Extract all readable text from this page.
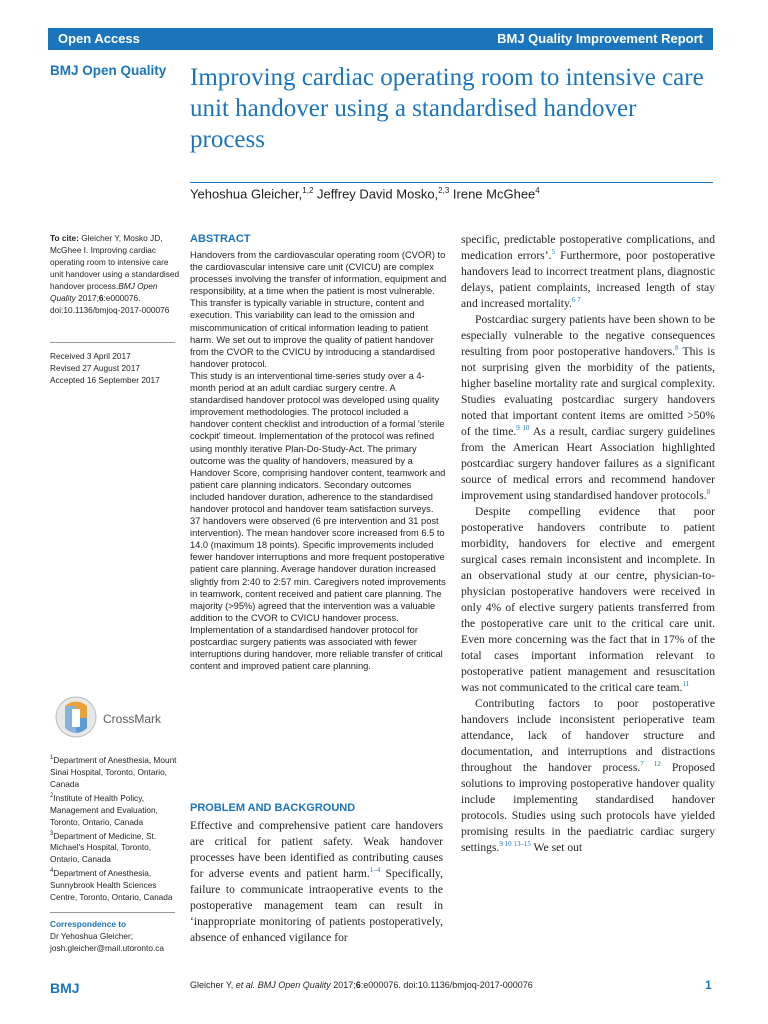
Open Access	BMJ Quality Improvement Report
BMJ Open Quality Improving cardiac operating room to intensive care unit handover using a standardised handover process
Yehoshua Gleicher,$^{1,2}$ Jeffrey David Mosko,$^{2,3}$ Irene McGhee$^4$
To cite: Gleicher Y, Mosko JD, McGhee I. Improving cardiac operating room to intensive care unit handover using a standardised handover process.BMJ Open Quality 2017;6:e000076. doi:10.1136/bmjoq-2017-000076
Received 3 April 2017
Revised 27 August 2017
Accepted 16 September 2017
CrossMark
$^1$Department of Anesthesia, Mount Sinai Hospital, Toronto, Ontario, Canada
$^2$Institute of Health Policy, Management and Evaluation, Toronto, Ontario, Canada
$^3$Department of Medicine, St. Michael's Hospital, Toronto, Ontario, Canada
$^4$Department of Anesthesia, Sunnybrook Health Sciences Centre, Toronto, Ontario, Canada
Correspondence to
Dr Yehoshua Gleicher;
josh.gleicher@mail.utoronto.ca
ABSTRACT
Handovers from the cardiovascular operating room (CVOR) to the cardiovascular intensive care unit (CVICU) are complex processes involving the transfer of information, equipment and responsibility, at a time when the patient is most vulnerable. This transfer is typically variable in structure, content and execution. This variability can lead to the omission and miscommunication of critical information leading to patient harm. We set out to improve the quality of patient handover from the CVOR to the CVICU by introducing a standardised handover protocol.
This study is an interventional time-series study over a 4-month period at an adult cardiac surgery centre. A standardised handover protocol was developed using quality improvement methodologies. The protocol included a handover content checklist and introduction of a formal 'sterile cockpit' timeout. Implementation of the protocol was refined using monthly iterative Plan-Do-Study-Act. The primary outcome was the quality of handovers, measured by a Handover Score, comprising handover content, teamwork and patient care planning indicators. Secondary outcomes included handover duration, adherence to the standardised handover protocol and handover team satisfaction surveys.
37 handovers were observed (6 pre intervention and 31 post intervention). The mean handover score increased from 6.5 to 14.0 (maximum 18 points). Specific improvements included fewer handover interruptions and more frequent postoperative patient care planning. Average handover duration increased slightly from 2:40 to 2:57 min. Caregivers noted improvements in teamwork, content received and patient care planning. The majority (>95%) agreed that the intervention was a valuable addition to the CVOR to CVICU handover process.
Implementation of a standardised handover protocol for postcardiac surgery patients was associated with fewer interruptions during handover, more reliable transfer of critical content and improved patient care planning.
PROBLEM AND BACKGROUND

Effective and comprehensive patient care handovers are critical for patient safety. Weak handover processes have been identified as contributing causes for adverse events and patient harm.$^{1-4}$ Specifically, failure to communicate intraoperative events to the postoperative management team can result in ‘inappropriate monitoring of patients postoperatively, absence of enhanced vigilance for

specific, predictable postoperative complications, and medication errors’.$^5$ Furthermore, poor postoperative handovers lead to incorrect treatment plans, diagnostic delays, patient complaints, increased length of stay and increased mortality.$^{6 7}$

Postcardiac surgery patients have been shown to be especially vulnerable to the negative consequences resulting from poor postoperative handovers.$^8$ This is not surprising given the morbidity of the patients, higher baseline mortality rate and surgical complexity. Studies evaluating postcardiac surgery handovers noted that important content items are omitted >50% of the time.$^{9 10}$ As a result, cardiac surgery guidelines from the American Heart Association highlighted postcardiac surgery handover failures as a significant source of medical errors and recommend handover improvement using standardised handover protocols.$^8$

Despite compelling evidence that poor postoperative handovers contribute to patient morbidity, handovers for elective and emergent surgical cases remain inconsistent and incomplete. In an observational study at our centre, physician-to-physician postoperative handovers were received in only 4% of elective surgery patients transferred from the postoperative care unit to the critical care unit. Even more concerning was the fact that in 17% of the total cases important information relevant to postoperative patient management and resuscitation was not communicated to the critical care team.$^{11}$

Contributing factors to poor postoperative handovers include inconsistent perioperative team attendance, lack of handover structure and documentation, and interruptions and distractions throughout the handover process.$^{7 12}$ Proposed solutions to improving postoperative handover quality include implementing standardised handover protocols. Studies using such protocols have yielded promising results in the paediatric cardiac surgery settings.$^{9 10 13-15}$ We set out

BMJ	Gleicher Y, et al. BMJ Open Quality 2017;6:e000076. doi:10.1136/bmjoq-2017-000076	1
